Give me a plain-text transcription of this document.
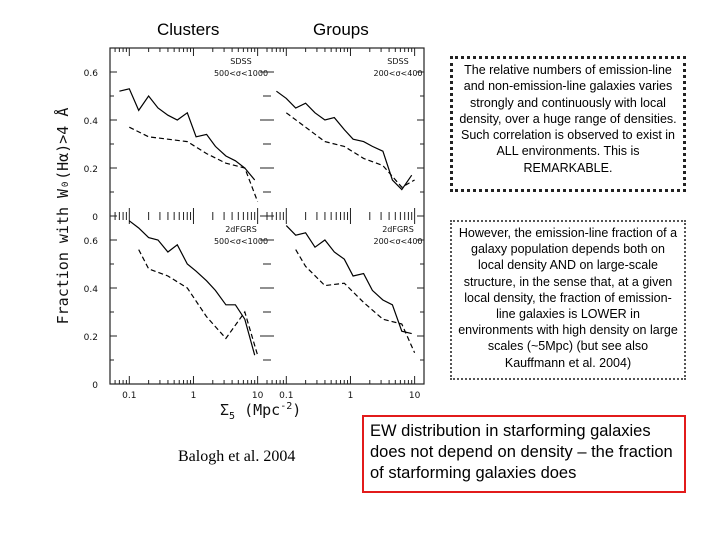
Clusters	Groups
0
0.2
0.4
0.6
SDSS
500<σ<1000
SDSS
200<σ<400
0
0.2
0.4
0.6
0.1	1	10
2dFGRS
500<σ<1000
0.1	1	10
2dFGRS
200<σ<400
Fraction with W₀(Hα)>4 Å
$\Sigma_5$ (Mpc$^{-2}$)
The relative numbers of emission-line and non-emission-line galaxies varies strongly and continuously with local density, over a huge range of densities. Such correlation is observed to exist in ALL environments. This is REMARKABLE.
However, the emission-line fraction of a galaxy population depends both on local density AND on large-scale structure, in the sense that, at a given local density, the fraction of emission-line galaxies is LOWER in environments with high density on large scales (~5Mpc) (but see also Kauffmann et al. 2004)
EW distribution in starforming galaxies does not depend on density – the fraction of starforming galaxies does
Balogh et al. 2004
